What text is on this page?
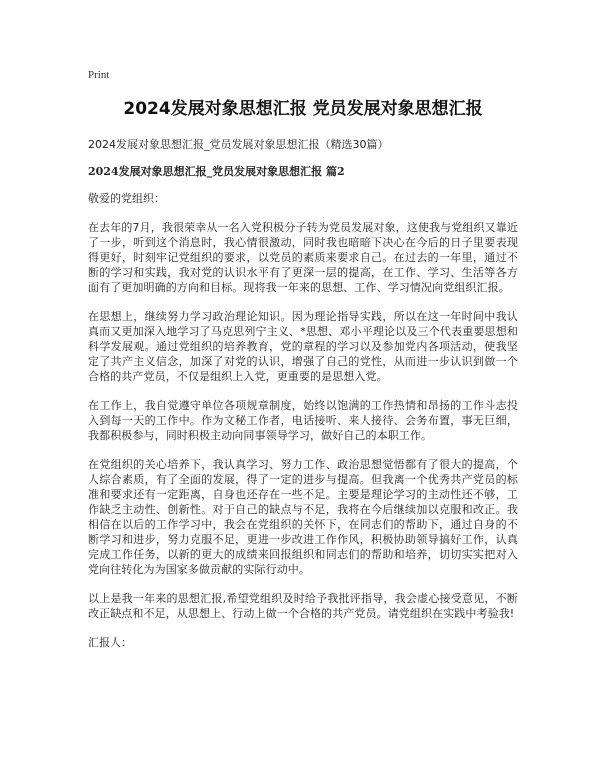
Print
2024发展对象思想汇报 党员发展对象思想汇报
2024发展对象思想汇报_党员发展对象思想汇报（精选30篇）
2024发展对象思想汇报_党员发展对象思想汇报 篇2
敬爱的党组织：

在去年的7月，我很荣幸从一名入党积极分子转为党员发展对象，这使我与党组织又靠近了一步，听到这个消息时，我心情很激动，同时我也暗暗下决心在今后的日子里要表现得更好，时刻牢记党组织的要求，以党员的素质来要求自己。在过去的一年里，通过不断的学习和实践，我对党的认识水平有了更深一层的提高，在工作、学习、生活等各方面有了更加明确的方向和目标。现将我一年来的思想、工作、学习情况向党组织汇报。

在思想上，继续努力学习政治理论知识。因为理论指导实践，所以在这一年时间中我认真而又更加深入地学习了马克思列宁主义、*思想、邓小平理论以及三个代表重要思想和科学发展观。通过党组织的培养教育，党的章程的学习以及参加党内各项活动，使我坚定了共产主义信念，加深了对党的认识，增强了自己的党性，从而进一步认识到做一个合格的共产党员，不仅是组织上入党，更重要的是思想入党。

在工作上，我自觉遵守单位各项规章制度，始终以饱满的工作热情和昂扬的工作斗志投入到每一天的工作中。作为文秘工作者，电话接听、来人接待、会务布置，事无巨细，我都积极参与，同时积极主动向同事领导学习，做好自己的本职工作。

在党组织的关心培养下，我认真学习、努力工作、政治思想觉悟都有了很大的提高，个人综合素质，有了全面的发展，得了一定的进步与提高。但我离一个优秀共产党员的标准和要求还有一定距离，自身也还存在一些不足。主要是理论学习的主动性还不够，工作缺乏主动性、创新性。对于自己的缺点与不足，我将在今后继续加以克服和改正。我相信在以后的工作学习中，我会在党组织的关怀下，在同志们的帮助下，通过自身的不断学习和进步，努力克服不足，更进一步改进工作作风，积极协助领导搞好工作，认真完成工作任务，以新的更大的成绩来回报组织和同志们的帮助和培养，切切实实把对入党向往转化为为国家多做贡献的实际行动中。

以上是我一年来的思想汇报,希望党组织及时给予我批评指导，我会虚心接受意见，不断改正缺点和不足，从思想上、行动上做一个合格的共产党员。请党组织在实践中考验我!

汇报人：
